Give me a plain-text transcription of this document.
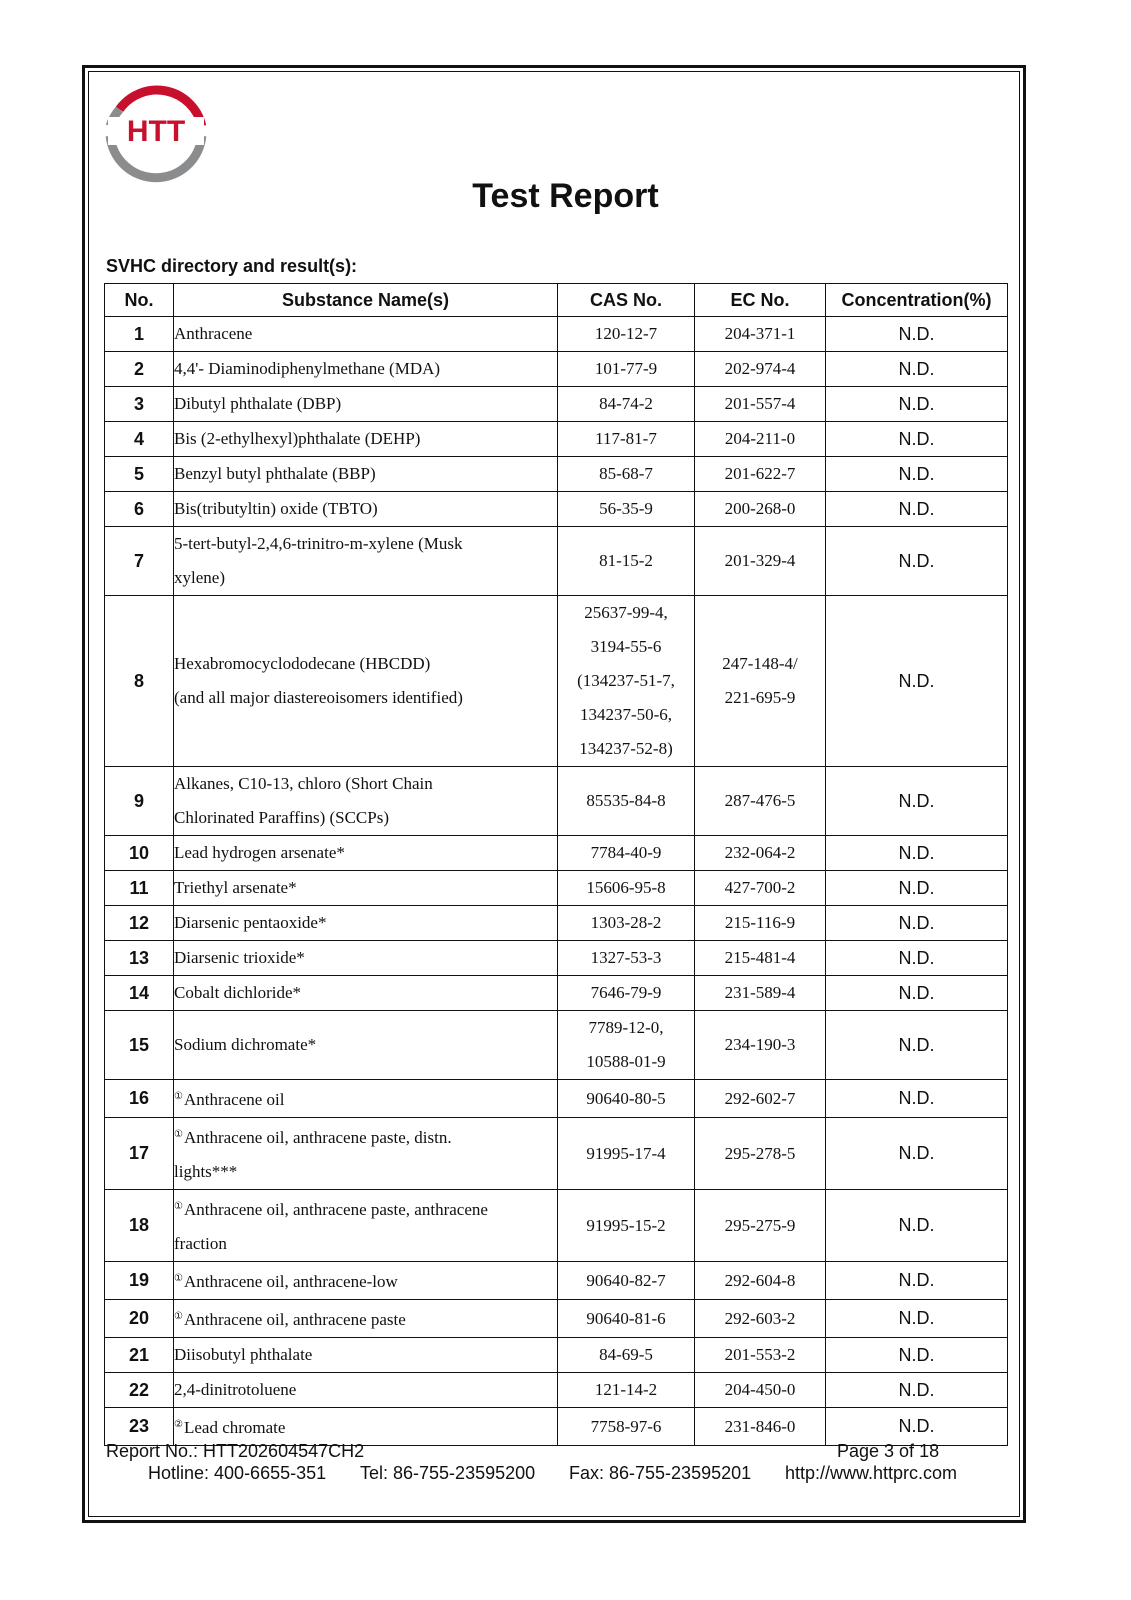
HTT
Test Report
SVHC directory and result(s):
No.	Substance Name(s)	CAS No.	EC No.	Concentration(%)
1	Anthracene	120-12-7	204-371-1	N.D.
2	4,4'- Diaminodiphenylmethane (MDA)	101-77-9	202-974-4	N.D.
3	Dibutyl phthalate (DBP)	84-74-2	201-557-4	N.D.
4	Bis (2-ethylhexyl)phthalate (DEHP)	117-81-7	204-211-0	N.D.
5	Benzyl butyl phthalate (BBP)	85-68-7	201-622-7	N.D.
6	Bis(tributyltin) oxide (TBTO)	56-35-9	200-268-0	N.D.
7	5-tert-butyl-2,4,6-trinitro-m-xylene (Musk
xylene)	81-15-2	201-329-4	N.D.
8	Hexabromocyclododecane (HBCDD)
(and all major diastereoisomers identified)	25637-99-4,
3194-55-6
(134237-51-7,
134237-50-6,
134237-52-8)	247-148-4/
221-695-9	N.D.
9	Alkanes, C10-13, chloro (Short Chain
Chlorinated Paraffins) (SCCPs)	85535-84-8	287-476-5	N.D.
10	Lead hydrogen arsenate*	7784-40-9	232-064-2	N.D.
11	Triethyl arsenate*	15606-95-8	427-700-2	N.D.
12	Diarsenic pentaoxide*	1303-28-2	215-116-9	N.D.
13	Diarsenic trioxide*	1327-53-3	215-481-4	N.D.
14	Cobalt dichloride*	7646-79-9	231-589-4	N.D.
15	Sodium dichromate*	7789-12-0,
10588-01-9	234-190-3	N.D.
16	①Anthracene oil	90640-80-5	292-602-7	N.D.
17	①Anthracene oil, anthracene paste, distn.
lights***	91995-17-4	295-278-5	N.D.
18	①Anthracene oil, anthracene paste, anthracene
fraction	91995-15-2	295-275-9	N.D.
19	①Anthracene oil, anthracene-low	90640-82-7	292-604-8	N.D.
20	①Anthracene oil, anthracene paste	90640-81-6	292-603-2	N.D.
21	Diisobutyl phthalate	84-69-5	201-553-2	N.D.
22	2,4-dinitrotoluene	121-14-2	204-450-0	N.D.
23	②Lead chromate	7758-97-6	231-846-0	N.D.
Report No.: HTT202604547CH2	Page 3 of 18
Hotline: 400-6655-351 Tel: 86-755-23595200 Fax: 86-755-23595201 http://www.httprc.com
